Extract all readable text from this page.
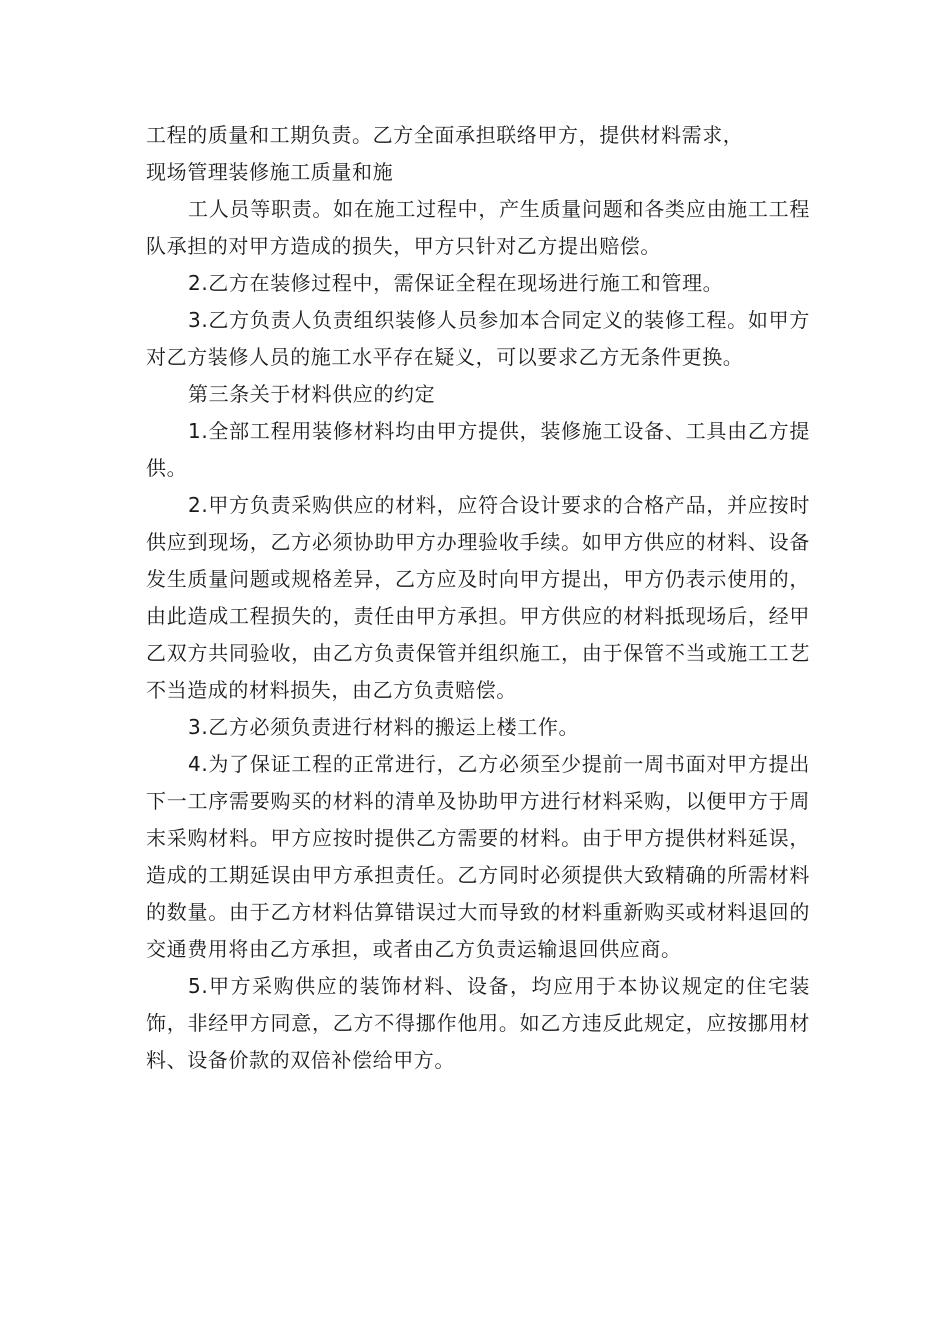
工程的质量和工期负责。乙方全面承担联络甲方，提供材料需求，

现场管理装修施工质量和施

工人员等职责。如在施工过程中，产生质量问题和各类应由施工工程队承担的对甲方造成的损失，甲方只针对乙方提出赔偿。

2.乙方在装修过程中，需保证全程在现场进行施工和管理。

3.乙方负责人负责组织装修人员参加本合同定义的装修工程。如甲方对乙方装修人员的施工水平存在疑义，可以要求乙方无条件更换。

第三条关于材料供应的约定

1.全部工程用装修材料均由甲方提供，装修施工设备、工具由乙方提供。

2.甲方负责采购供应的材料，应符合设计要求的合格产品，并应按时供应到现场，乙方必须协助甲方办理验收手续。如甲方供应的材料、设备发生质量问题或规格差异，乙方应及时向甲方提出，甲方仍表示使用的，由此造成工程损失的，责任由甲方承担。甲方供应的材料抵现场后，经甲乙双方共同验收，由乙方负责保管并组织施工，由于保管不当或施工工艺不当造成的材料损失，由乙方负责赔偿。

3.乙方必须负责进行材料的搬运上楼工作。

4.为了保证工程的正常进行，乙方必须至少提前一周书面对甲方提出下一工序需要购买的材料的清单及协助甲方进行材料采购，以便甲方于周末采购材料。甲方应按时提供乙方需要的材料。由于甲方提供材料延误，造成的工期延误由甲方承担责任。乙方同时必须提供大致精确的所需材料的数量。由于乙方材料估算错误过大而导致的材料重新购买或材料退回的交通费用将由乙方承担，或者由乙方负责运输退回供应商。

5.甲方采购供应的装饰材料、设备，均应用于本协议规定的住宅装饰，非经甲方同意，乙方不得挪作他用。如乙方违反此规定，应按挪用材料、设备价款的双倍补偿给甲方。
